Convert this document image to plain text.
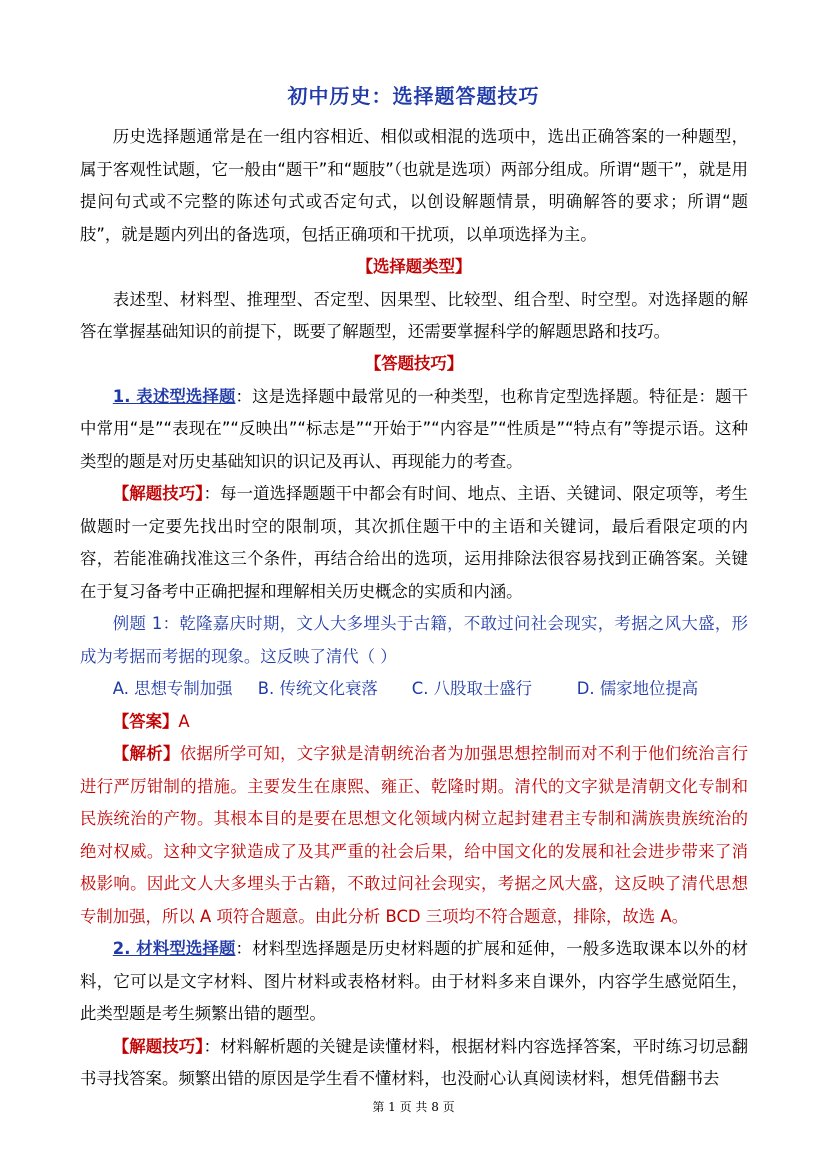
初中历史：选择题答题技巧

历史选择题通常是在一组内容相近、相似或相混的选项中，选出正确答案的一种题型，属于客观性试题，它一般由“题干”和“题肢”（也就是选项）两部分组成。所谓“题干”，就是用提问句式或不完整的陈述句式或否定句式，以创设解题情景，明确解答的要求；所谓“题肢”，就是题内列出的备选项，包括正确项和干扰项，以单项选择为主。

【选择题类型】

表述型、材料型、推理型、否定型、因果型、比较型、组合型、时空型。对选择题的解答在掌握基础知识的前提下，既要了解题型，还需要掌握科学的解题思路和技巧。

【答题技巧】

1. 表述型选择题：这是选择题中最常见的一种类型，也称肯定型选择题。特征是：题干中常用“是”“表现在”“反映出”“标志是”“开始于”“内容是”“性质是”“特点有”等提示语。这种类型的题是对历史基础知识的识记及再认、再现能力的考查。

【解题技巧】：每一道选择题题干中都会有时间、地点、主语、关键词、限定项等，考生做题时一定要先找出时空的限制项，其次抓住题干中的主语和关键词，最后看限定项的内容，若能准确找准这三个条件，再结合给出的选项，运用排除法很容易找到正确答案。关键在于复习备考中正确把握和理解相关历史概念的实质和内涵。

例题 1：乾隆嘉庆时期，文人大多埋头于古籍，不敢过问社会现实，考据之风大盛，形成为考据而考据的现象。这反映了清代（ ）

A. 思想专制加强	B. 传统文化衰落	C. 八股取士盛行	D. 儒家地位提高

【答案】A

【解析】依据所学可知，文字狱是清朝统治者为加强思想控制而对不利于他们统治言行进行严厉钳制的措施。主要发生在康熙、雍正、乾隆时期。清代的文字狱是清朝文化专制和民族统治的产物。其根本目的是要在思想文化领域内树立起封建君主专制和满族贵族统治的绝对权威。这种文字狱造成了及其严重的社会后果，给中国文化的发展和社会进步带来了消极影响。因此文人大多埋头于古籍，不敢过问社会现实，考据之风大盛，这反映了清代思想专制加强，所以 A 项符合题意。由此分析 BCD 三项均不符合题意，排除，故选 A。

2. 材料型选择题：材料型选择题是历史材料题的扩展和延伸，一般多选取课本以外的材料，它可以是文字材料、图片材料或表格材料。由于材料多来自课外，内容学生感觉陌生，此类型题是考生频繁出错的题型。

【解题技巧】：材料解析题的关键是读懂材料，根据材料内容选择答案，平时练习切忌翻书寻找答案。频繁出错的原因是学生看不懂材料，也没耐心认真阅读材料，想凭借翻书去

第 1 页 共 8 页
